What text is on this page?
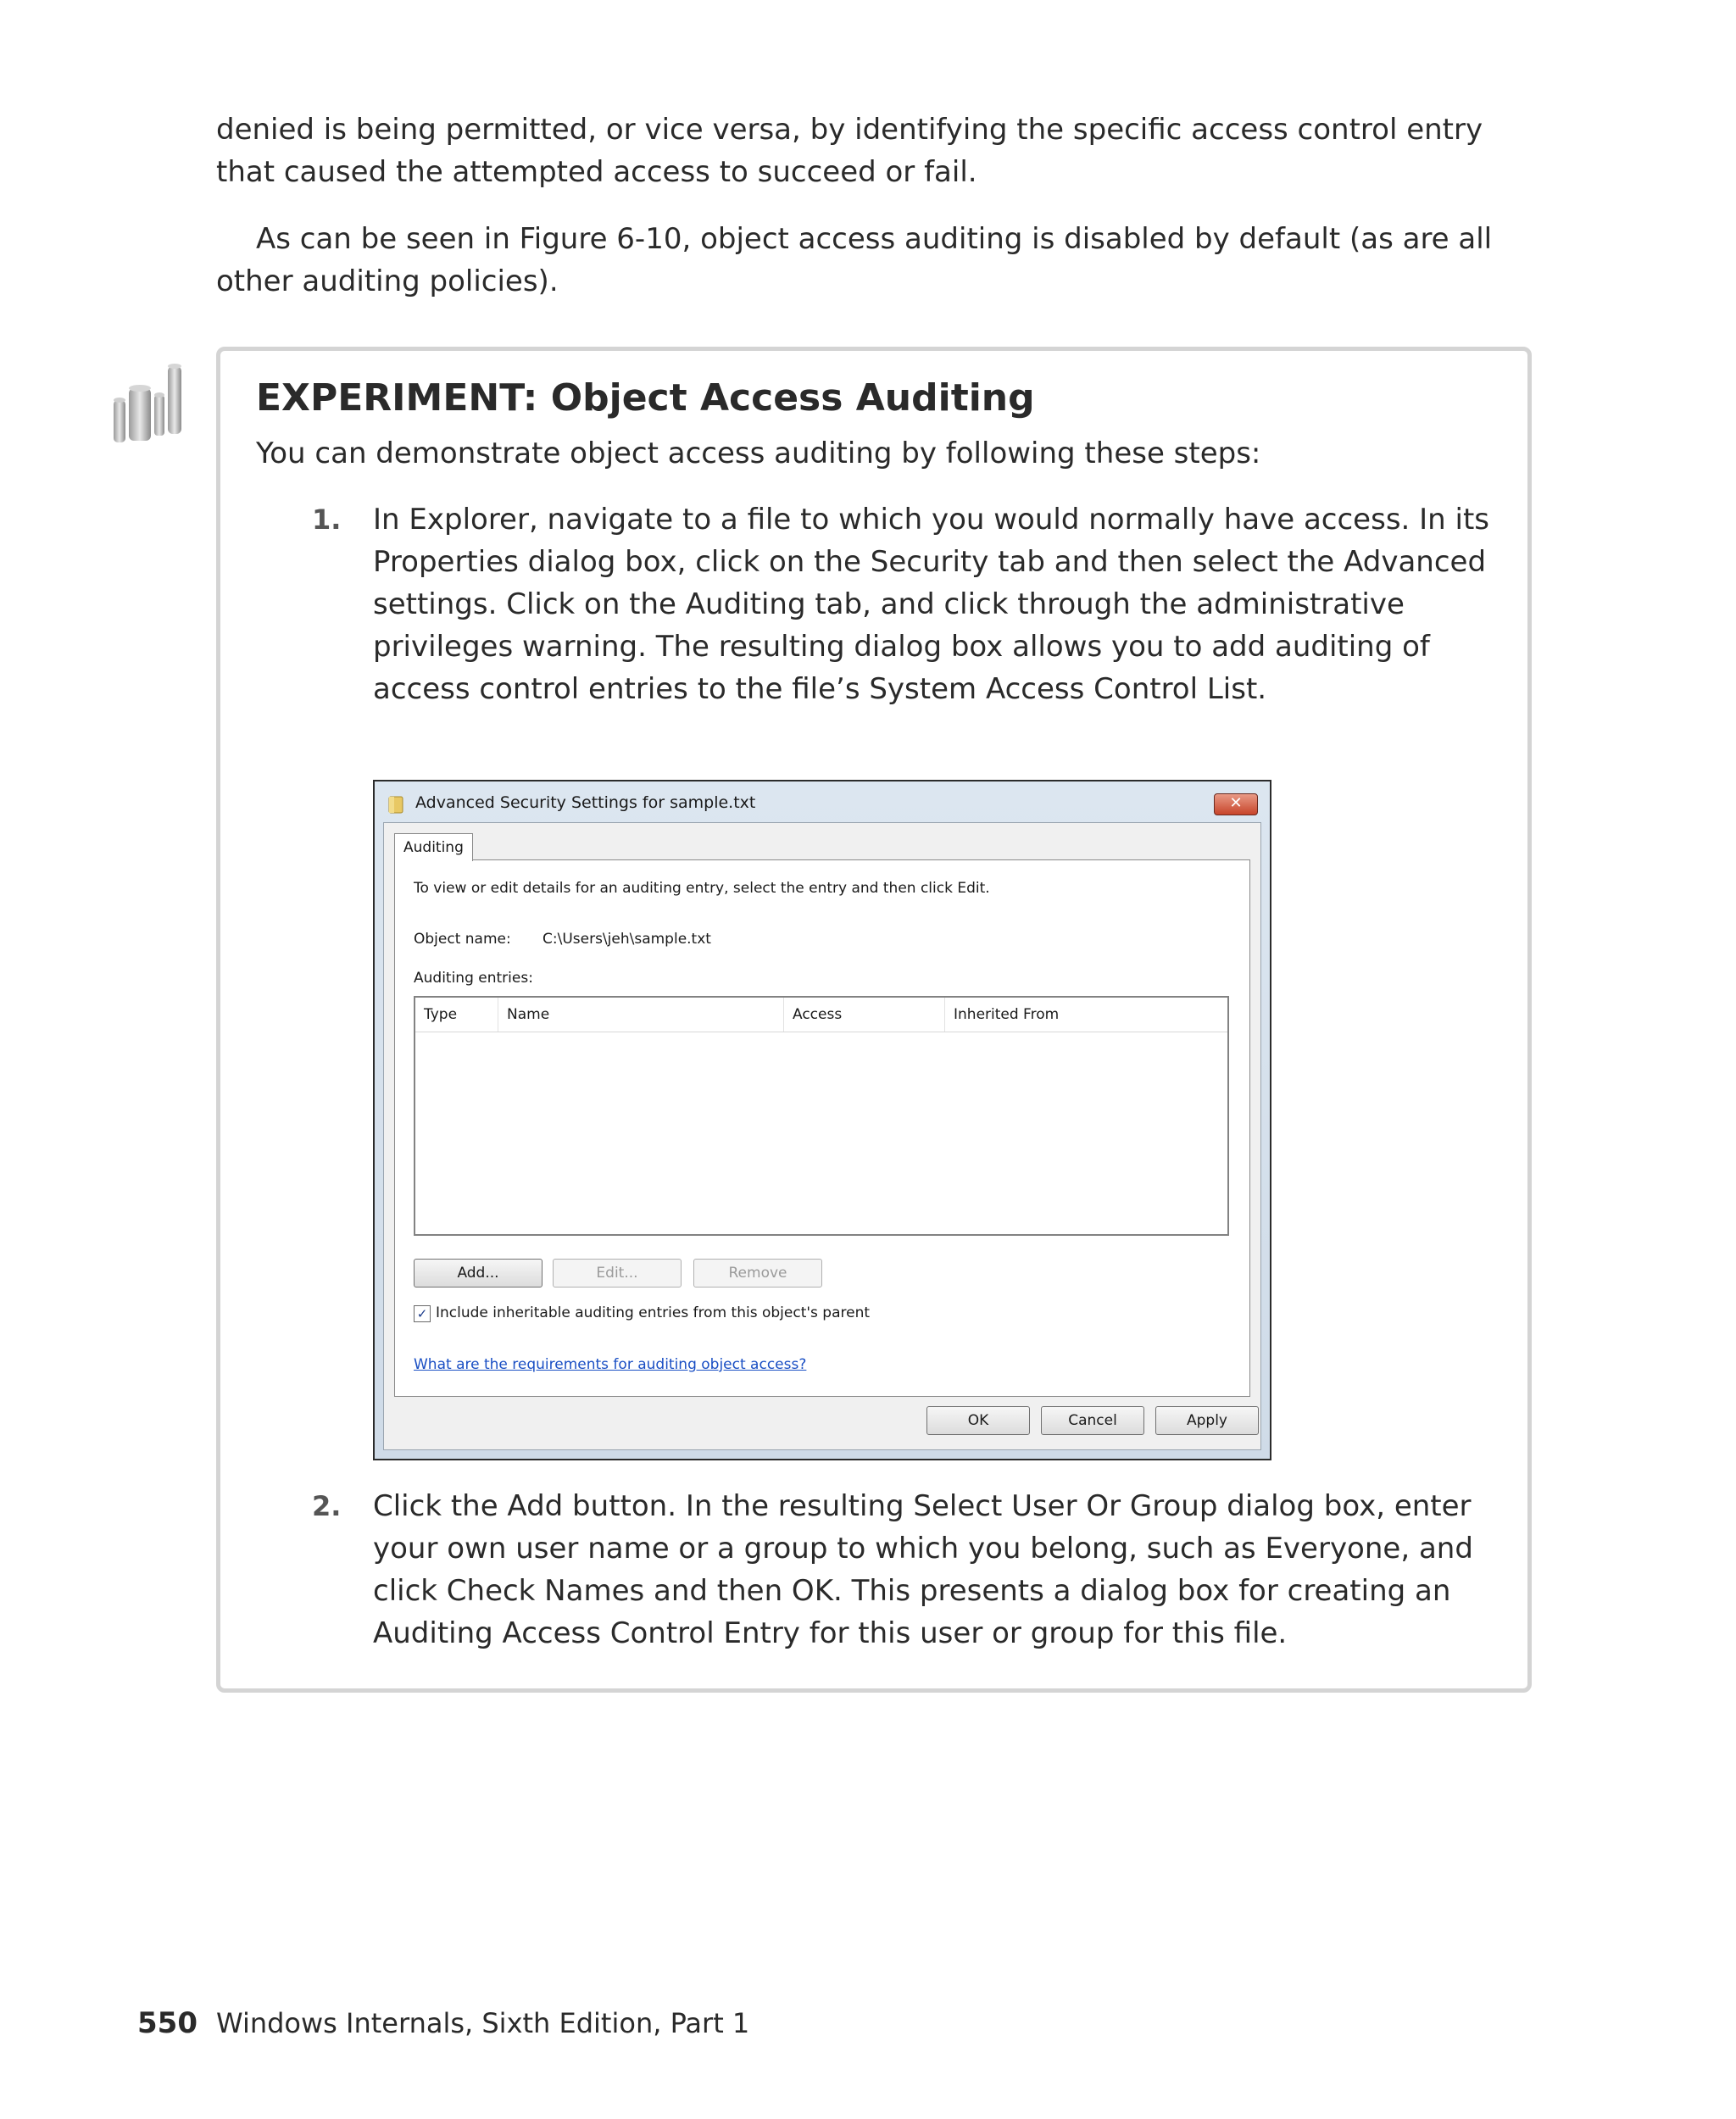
denied is being permitted, or vice versa, by identifying the specific access control entry that caused the attempted access to succeed or fail.

As can be seen in Figure 6-10, object access auditing is disabled by default (as are all other auditing policies).

EXPERIMENT: Object Access Auditing

You can demonstrate object access auditing by following these steps:

1. In Explorer, navigate to a file to which you would normally have access. In its Properties dialog box, click on the Security tab and then select the Advanced settings. Click on the Auditing tab, and click through the administrative privileges warning. The resulting dialog box allows you to add auditing of access control entries to the file’s System Access Control List.

Advanced Security Settings for sample.txt	✕
Auditing
To view or edit details for an auditing entry, select the entry and then click Edit.
Object name: C:\Users\jeh\sample.txt
Auditing entries:
Type	Name	Access	Inherited From
Add...	Edit...	Remove
✓ Include inheritable auditing entries from this object's parent
What are the requirements for auditing object access?
OK	Cancel	Apply
2. Click the Add button. In the resulting Select User Or Group dialog box, enter your own user name or a group to which you belong, such as Everyone, and click Check Names and then OK. This presents a dialog box for creating an Auditing Access Control Entry for this user or group for this file.

550 Windows Internals, Sixth Edition, Part 1
